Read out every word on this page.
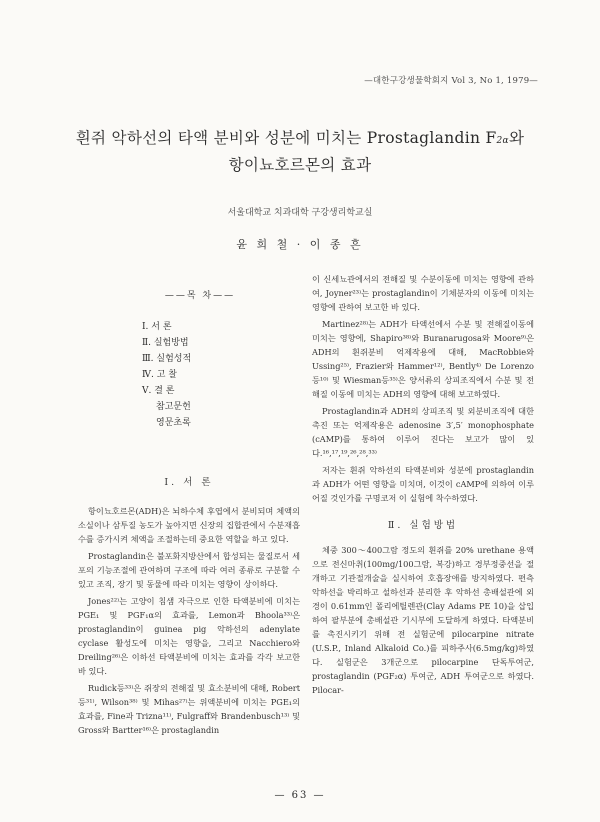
—대한구강생물학회지 Vol 3, No 1, 1979—
흰쥐 악하선의 타액 분비와 성분에 미치는 Prostaglandin F2α와
항이뇨호르몬의 효과
서울대학교 치과대학 구강생리학교실
윤 희 철 · 이 종 흔
——목 차——
Ⅰ. 서 론
Ⅱ. 실험방법
Ⅲ. 실험성적
Ⅳ. 고 찰
Ⅴ. 결 론
참고문헌
영문초록
Ⅰ. 서 론

항이뇨호르몬(ADH)은 뇌하수체 후엽에서 분비되며 체액의 소실이나 삼투질 농도가 높아지면 신장의 집합관에서 수분재흡수를 증가시켜 체액을 조절하는데 중요한 역할을 하고 있다.

Prostaglandin은 불포화지방산에서 합성되는 물질로서 세포의 기능조절에 관여하며 구조에 따라 여러 종류로 구분할 수 있고 조직, 장기 및 동물에 따라 미치는 영향이 상이하다.

Jones²²⁾는 고양이 침샘 자극으로 인한 타액분비에 미치는 PGE₁ 및 PGF₁α의 효과를, Lemon과 Bhoola³³⁾은 prostaglandin이 guinea pig 악하선의 adenylate cyclase 활성도에 미치는 영향을, 그리고 Nacchiero와 Dreiling²⁶⁾은 이하선 타액분비에 미치는 효과를 각각 보고한 바 있다.

Rudick등³³⁾은 쥐장의 전해질 및 효소분비에 대해, Robert등³¹⁾, Wilson³⁸⁾ 및 Mihas²⁷⁾는 위액분비에 미치는 PGE₁의 효과를, Fine과 Trizna¹¹⁾, Fulgraff와 Brandenbusch¹³⁾ 및 Gross와 Bartter¹⁶⁾은 prostaglandin

이 신세뇨관에서의 전해질 및 수분이동에 미치는 영향에 관하여, Joyner²³⁾는 prostaglandin이 기체분자의 이동에 미치는 영향에 관하여 보고한 바 있다.

Martinez²⁸⁾는 ADH가 타액선에서 수분 및 전해질이동에 미치는 영향에, Shapiro³⁸⁾와 Buranarugosa와 Moore⁹⁾은 ADH의 흰쥐분비 억제작용에 대해, MacRobbie와 Ussing²⁵⁾, Frazier와 Hammer¹²⁾, Bently⁴⁾ De Lorenzo등¹⁰⁾ 및 Wiesman등³⁵⁾은 양서류의 상피조직에서 수분 및 전해질 이동에 미치는 ADH의 영향에 대해 보고하였다.

Prostaglandin과 ADH의 상피조직 및 외분비조직에 대한 촉진 또는 억제작용은 adenosine 3′,5′ monophosphate (cAMP)를 통하여 이루어 진다는 보고가 많이 있다.¹⁶,¹⁷,¹⁹,²⁶,²⁸,³³⁾

저자는 흰쥐 악하선의 타액분비와 성분에 prostaglandin과 ADH가 어떤 영향을 미치며, 이것이 cAMP에 의하여 이루어질 것인가를 구명코저 이 실험에 착수하였다.

Ⅱ. 실험방법

체중 300～400그람 정도의 흰쥐를 20% urethane 용액으로 전신마취(100mg/100그람, 복강)하고 경부정중선을 절개하고 기관절개술을 실시하여 호흡장애를 방지하였다. 편측 악하선을 박리하고 설하선과 분리한 후 악하선 총배설관에 외경이 0.61mm인 폴리에틸렌관(Clay Adams PE 10)을 삽입하여 팔부분에 총배설관 기시부에 도달하게 하였다. 타액분비를 촉진시키기 위해 전 실험군에 pilocarpine nitrate (U.S.P., Inland Alkaloid Co.)를 피하주사(6.5mg/kg)하였다. 실험군은 3개군으로 pilocarpine 단독투여군, prostaglandin (PGF₂α) 투여군, ADH 투여군으로 하였다. Pilocar-

— 63 —
